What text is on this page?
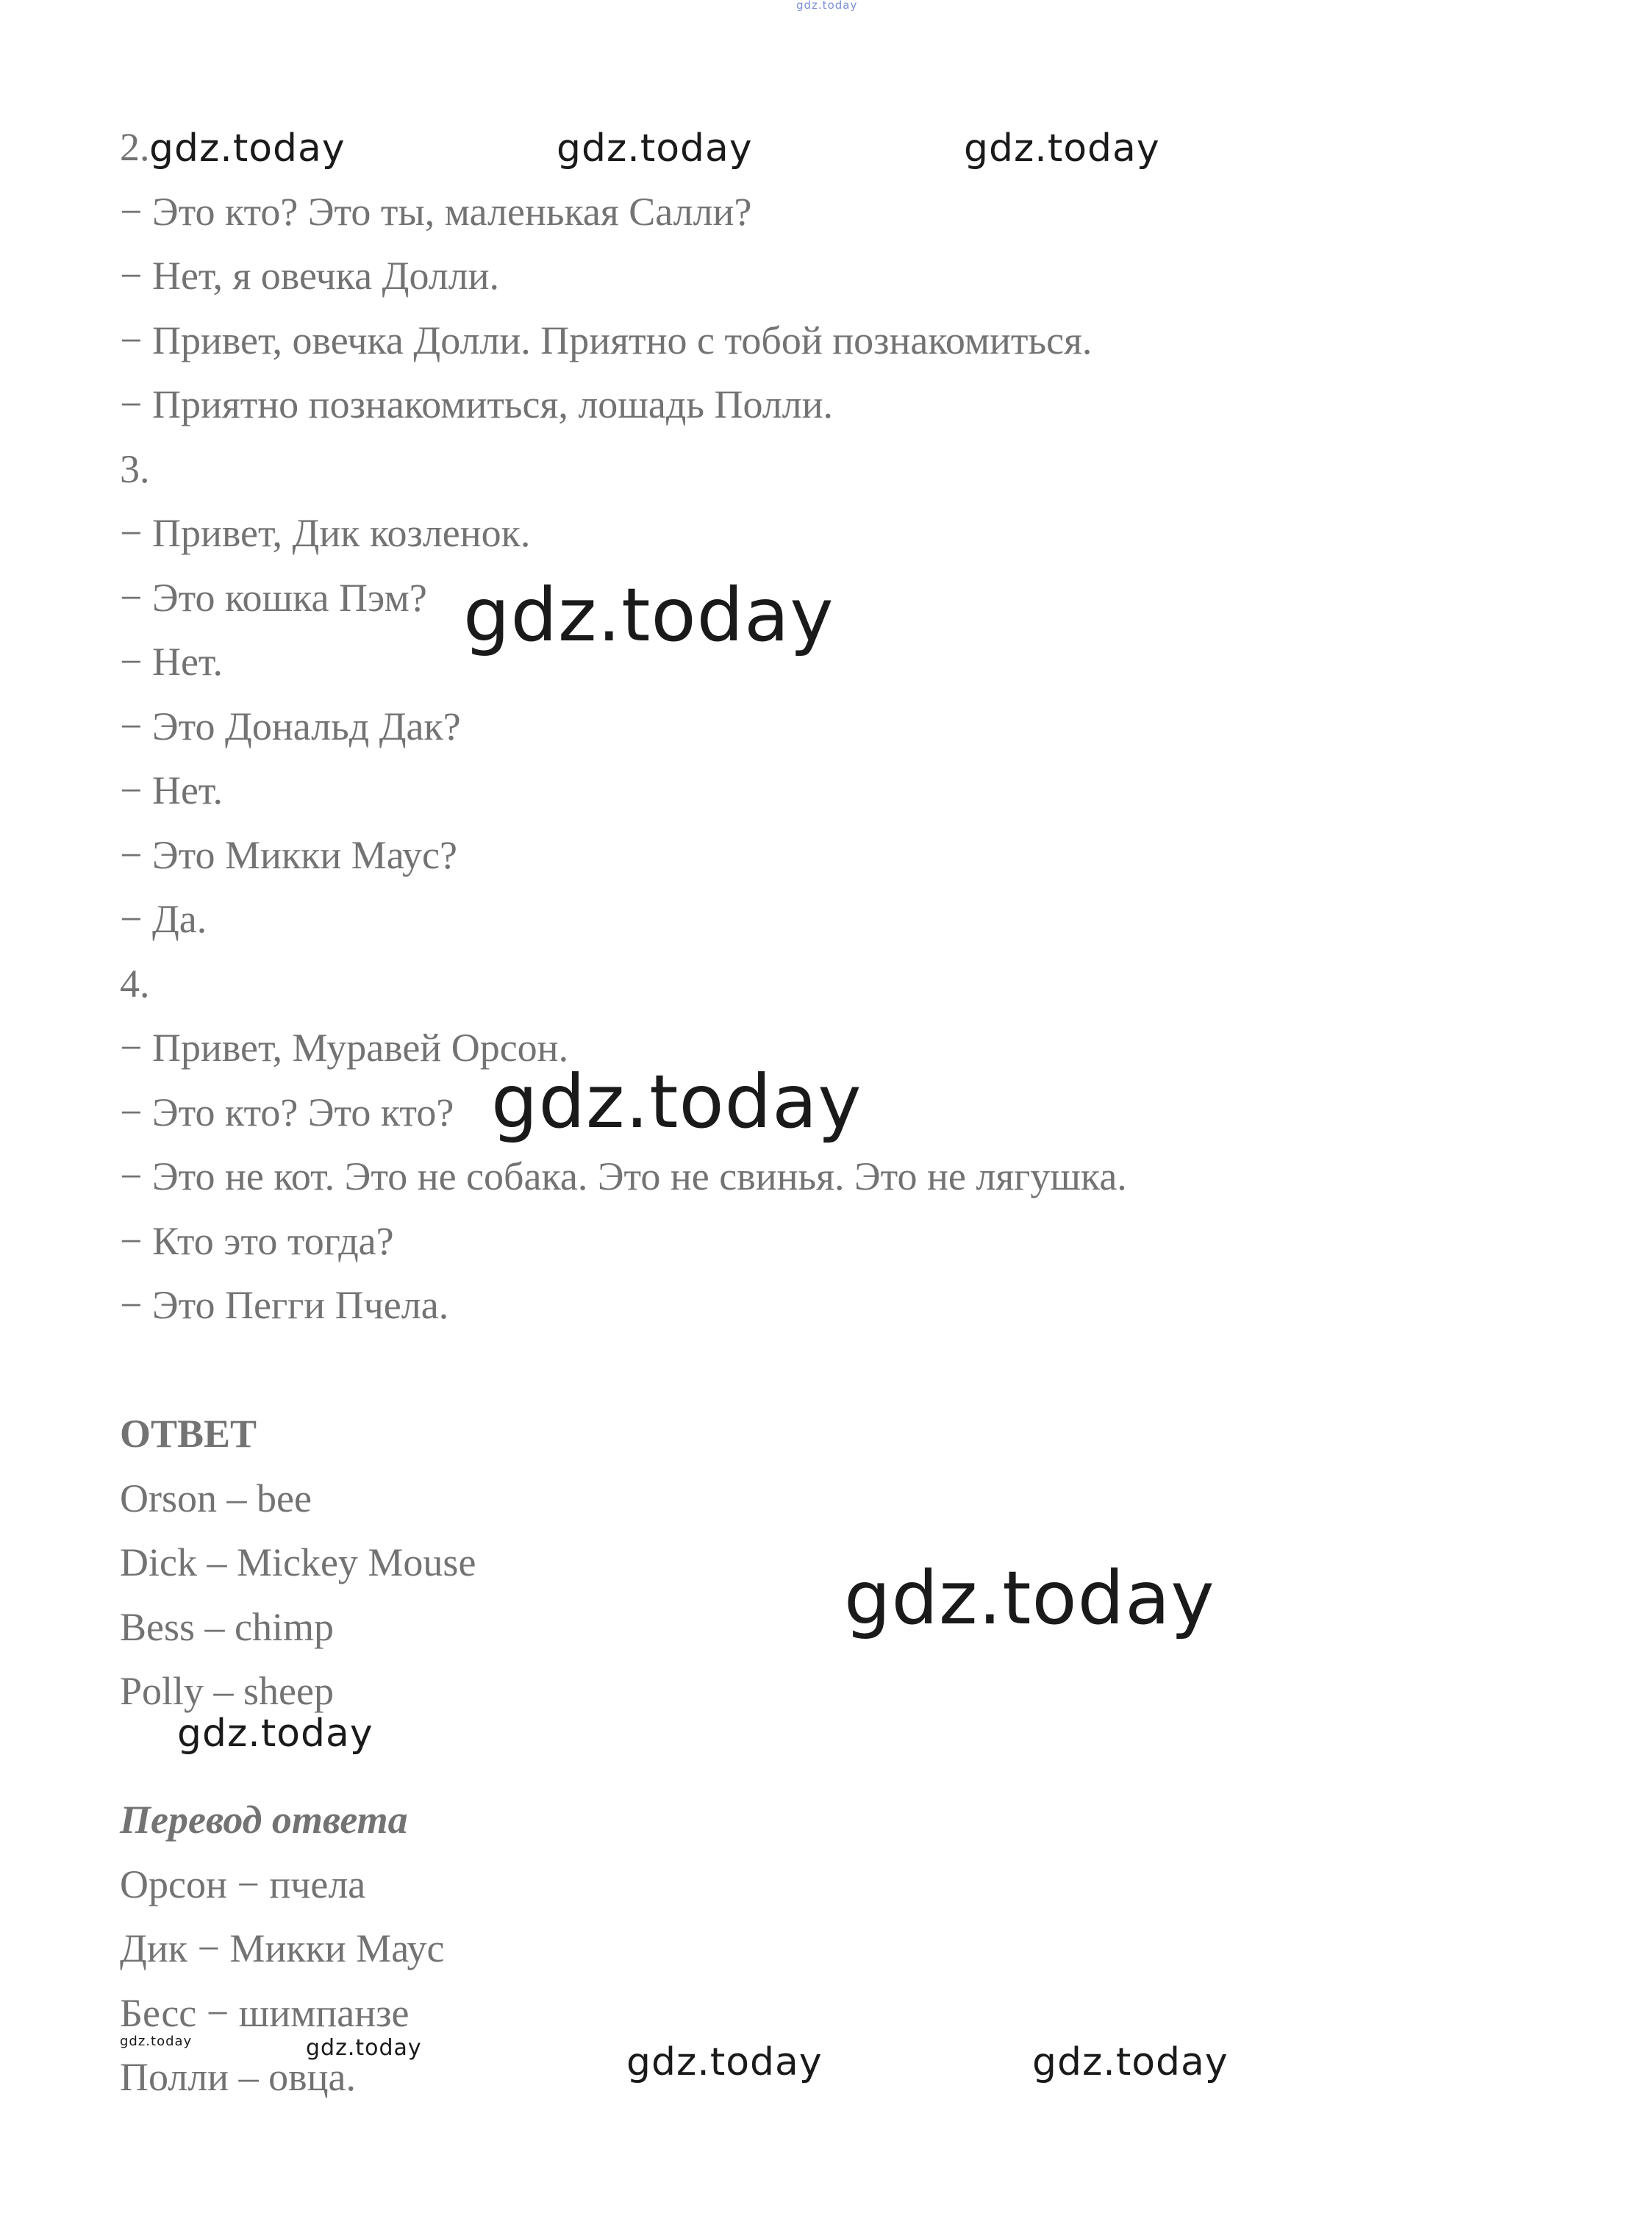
gdz.today
2. gdz.today	gdz.today	gdz.today
− Это кто? Это ты, маленькая Салли?
− Нет, я овечка Долли.
− Привет, овечка Долли. Приятно с тобой познакомиться.
− Приятно познакомиться, лошадь Полли.
3.
− Привет, Дик козленок.
− Это кошка Пэм? gdz.today
− Нет.
− Это Дональд Дак?
− Нет.
− Это Микки Маус?
− Да.
4.
− Привет, Муравей Орсон.
− Это кто? Это кто? gdz.today
− Это не кот. Это не собака. Это не свинья. Это не лягушка.
− Кто это тогда?
− Это Пегги Пчела.
ОТВЕТ
Orson – bee
Dick – Mickey Mouse	gdz.today
Bess – chimp
Polly – sheep
gdz.today
Перевод ответа
Орсон − пчела
Дик − Микки Маус
Бесс − шимпанзе
gdz.today	gdz.today
Полли – овца.	gdz.today	gdz.today
